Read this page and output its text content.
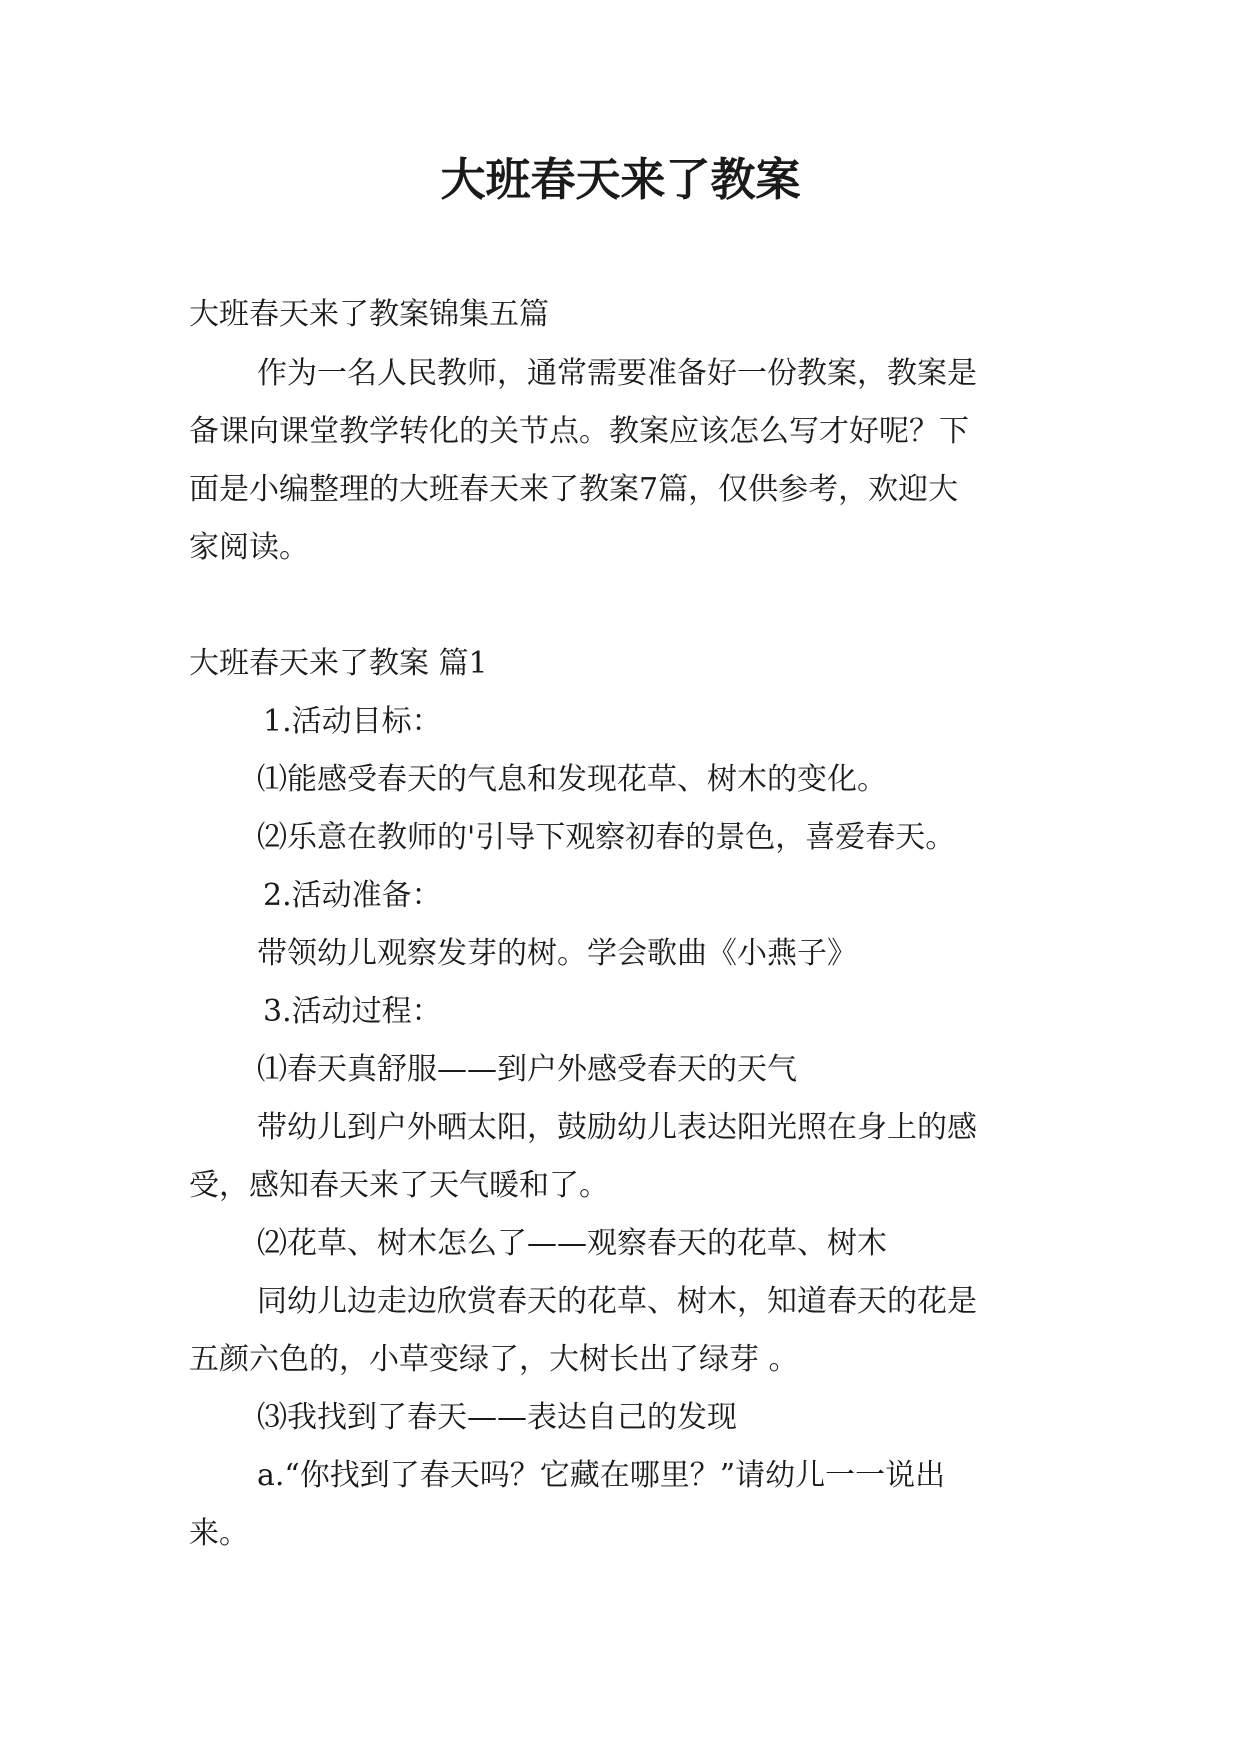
大班春天来了教案

大班春天来了教案锦集五篇

作为一名人民教师，通常需要准备好一份教案，教案是

备课向课堂教学转化的关节点。教案应该怎么写才好呢？下

面是小编整理的大班春天来了教案7篇，仅供参考，欢迎大

家阅读。

大班春天来了教案 篇1

1.活动目标：

⑴能感受春天的气息和发现花草、树木的变化。

⑵乐意在教师的'引导下观察初春的景色，喜爱春天。

2.活动准备：

带领幼儿观察发芽的树。学会歌曲《小燕子》

3.活动过程：

⑴春天真舒服——到户外感受春天的天气

带幼儿到户外晒太阳，鼓励幼儿表达阳光照在身上的感

受，感知春天来了天气暖和了。

⑵花草、树木怎么了——观察春天的花草、树木

同幼儿边走边欣赏春天的花草、树木，知道春天的花是

五颜六色的，小草变绿了，大树长出了绿芽 。

⑶我找到了春天——表达自己的发现

a.“你找到了春天吗？它藏在哪里？”请幼儿一一说出

来。
